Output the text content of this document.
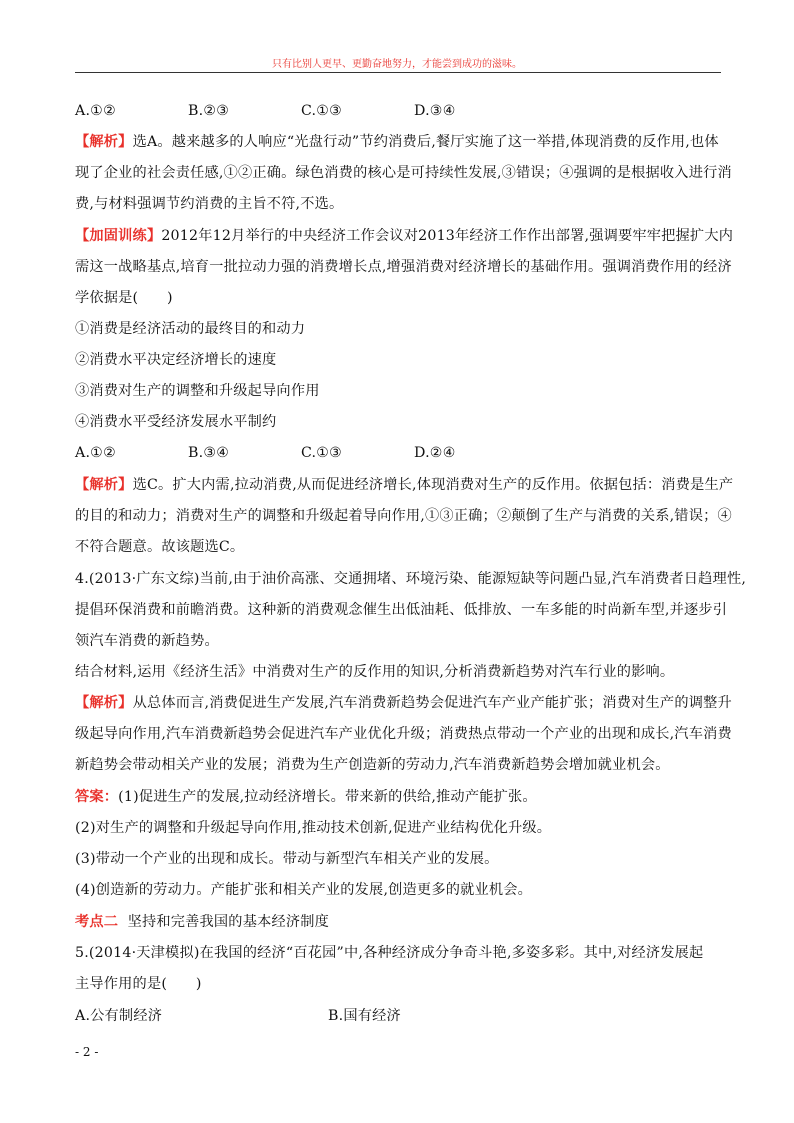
只有比别人更早、更勤奋地努力，才能尝到成功的滋味。
A.①②	B.②③	C.①③	D.③④
【解析】选A。越来越多的人响应“光盘行动”节约消费后,餐厅实施了这一举措,体现消费的反作用,也体
现了企业的社会责任感,①②正确。绿色消费的核心是可持续性发展,③错误；④强调的是根据收入进行消
费,与材料强调节约消费的主旨不符,不选。
【加固训练】2012年12月举行的中央经济工作会议对2013年经济工作作出部署,强调要牢牢把握扩大内
需这一战略基点,培育一批拉动力强的消费增长点,增强消费对经济增长的基础作用。强调消费作用的经济
学依据是(　　)
①消费是经济活动的最终目的和动力
②消费水平决定经济增长的速度
③消费对生产的调整和升级起导向作用
④消费水平受经济发展水平制约
A.①②	B.③④	C.①③	D.②④
【解析】选C。扩大内需,拉动消费,从而促进经济增长,体现消费对生产的反作用。依据包括：消费是生产
的目的和动力；消费对生产的调整和升级起着导向作用,①③正确；②颠倒了生产与消费的关系,错误；④
不符合题意。故该题选C。
4.(2013·广东文综)当前,由于油价高涨、交通拥堵、环境污染、能源短缺等问题凸显,汽车消费者日趋理性,
提倡环保消费和前瞻消费。这种新的消费观念催生出低油耗、低排放、一车多能的时尚新车型,并逐步引
领汽车消费的新趋势。
结合材料,运用《经济生活》中消费对生产的反作用的知识,分析消费新趋势对汽车行业的影响。
【解析】从总体而言,消费促进生产发展,汽车消费新趋势会促进汽车产业产能扩张；消费对生产的调整升
级起导向作用,汽车消费新趋势会促进汽车产业优化升级；消费热点带动一个产业的出现和成长,汽车消费
新趋势会带动相关产业的发展；消费为生产创造新的劳动力,汽车消费新趋势会增加就业机会。
答案：(1)促进生产的发展,拉动经济增长。带来新的供给,推动产能扩张。
(2)对生产的调整和升级起导向作用,推动技术创新,促进产业结构优化升级。
(3)带动一个产业的出现和成长。带动与新型汽车相关产业的发展。
(4)创造新的劳动力。产能扩张和相关产业的发展,创造更多的就业机会。
考点二 坚持和完善我国的基本经济制度
5.(2014·天津模拟)在我国的经济“百花园”中,各种经济成分争奇斗艳,多姿多彩。其中,对经济发展起
主导作用的是(　　)
A.公有制经济	B.国有经济
- 2 -
